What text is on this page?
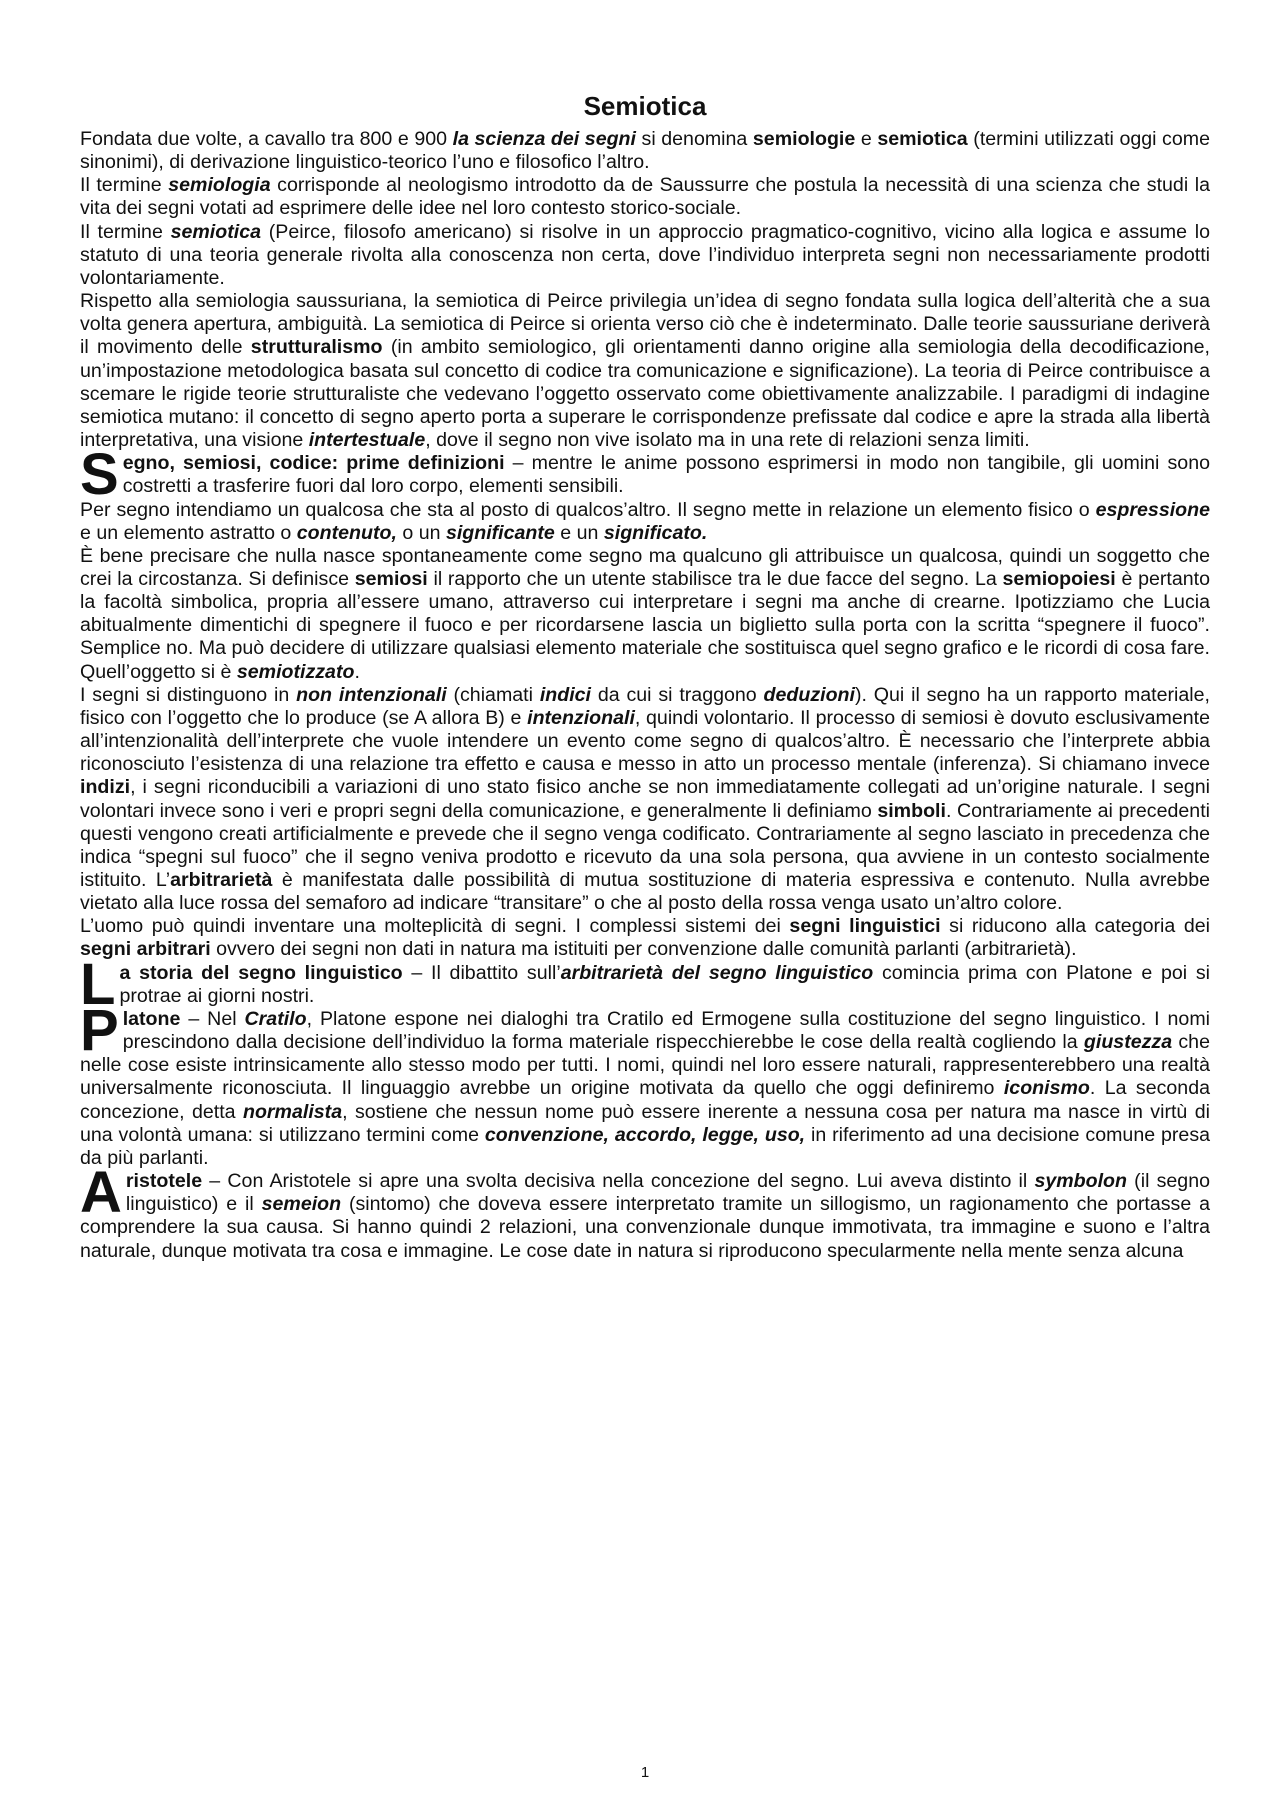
Semiotica

Fondata due volte, a cavallo tra 800 e 900 la scienza dei segni si denomina semiologie e semiotica (termini utilizzati oggi come sinonimi), di derivazione linguistico-teorico l’uno e filosofico l’altro.

Il termine semiologia corrisponde al neologismo introdotto da de Saussurre che postula la necessità di una scienza che studi la vita dei segni votati ad esprimere delle idee nel loro contesto storico-sociale.

Il termine semiotica (Peirce, filosofo americano) si risolve in un approccio pragmatico-cognitivo, vicino alla logica e assume lo statuto di una teoria generale rivolta alla conoscenza non certa, dove l’individuo interpreta segni non necessariamente prodotti volontariamente.

Rispetto alla semiologia saussuriana, la semiotica di Peirce privilegia un’idea di segno fondata sulla logica dell’alterità che a sua volta genera apertura, ambiguità. La semiotica di Peirce si orienta verso ciò che è indeterminato. Dalle teorie saussuriane deriverà il movimento delle strutturalismo (in ambito semiologico, gli orientamenti danno origine alla semiologia della decodificazione, un’impostazione metodologica basata sul concetto di codice tra comunicazione e significazione). La teoria di Peirce contribuisce a scemare le rigide teorie strutturaliste che vedevano l’oggetto osservato come obiettivamente analizzabile. I paradigmi di indagine semiotica mutano: il concetto di segno aperto porta a superare le corrispondenze prefissate dal codice e apre la strada alla libertà interpretativa, una visione intertestuale, dove il segno non vive isolato ma in una rete di relazioni senza limiti.

Segno, semiosi, codice: prime definizioni – mentre le anime possono esprimersi in modo non tangibile, gli uomini sono costretti a trasferire fuori dal loro corpo, elementi sensibili.

Per segno intendiamo un qualcosa che sta al posto di qualcos’altro. Il segno mette in relazione un elemento fisico o espressione e un elemento astratto o contenuto, o un significante e un significato.

È bene precisare che nulla nasce spontaneamente come segno ma qualcuno gli attribuisce un qualcosa, quindi un soggetto che crei la circostanza. Si definisce semiosi il rapporto che un utente stabilisce tra le due facce del segno. La semiopoiesi è pertanto la facoltà simbolica, propria all’essere umano, attraverso cui interpretare i segni ma anche di crearne. Ipotizziamo che Lucia abitualmente dimentichi di spegnere il fuoco e per ricordarsene lascia un biglietto sulla porta con la scritta “spegnere il fuoco”. Semplice no. Ma può decidere di utilizzare qualsiasi elemento materiale che sostituisca quel segno grafico e le ricordi di cosa fare. Quell’oggetto si è semiotizzato.

I segni si distinguono in non intenzionali (chiamati indici da cui si traggono deduzioni). Qui il segno ha un rapporto materiale, fisico con l’oggetto che lo produce (se A allora B) e intenzionali, quindi volontario. Il processo di semiosi è dovuto esclusivamente all’intenzionalità dell’interprete che vuole intendere un evento come segno di qualcos’altro. È necessario che l’interprete abbia riconosciuto l’esistenza di una relazione tra effetto e causa e messo in atto un processo mentale (inferenza). Si chiamano invece indizi, i segni riconducibili a variazioni di uno stato fisico anche se non immediatamente collegati ad un’origine naturale. I segni volontari invece sono i veri e propri segni della comunicazione, e generalmente li definiamo simboli. Contrariamente ai precedenti questi vengono creati artificialmente e prevede che il segno venga codificato. Contrariamente al segno lasciato in precedenza che indica “spegni sul fuoco” che il segno veniva prodotto e ricevuto da una sola persona, qua avviene in un contesto socialmente istituito. L’arbitrarietà è manifestata dalle possibilità di mutua sostituzione di materia espressiva e contenuto. Nulla avrebbe vietato alla luce rossa del semaforo ad indicare “transitare” o che al posto della rossa venga usato un’altro colore.

L’uomo può quindi inventare una molteplicità di segni. I complessi sistemi dei segni linguistici si riducono alla categoria dei segni arbitrari ovvero dei segni non dati in natura ma istituiti per convenzione dalle comunità parlanti (arbitrarietà).

La storia del segno linguistico – Il dibattito sull’arbitrarietà del segno linguistico comincia prima con Platone e poi si protrae ai giorni nostri.

Platone – Nel Cratilo, Platone espone nei dialoghi tra Cratilo ed Ermogene sulla costituzione del segno linguistico. I nomi prescindono dalla decisione dell’individuo la forma materiale rispecchierebbe le cose della realtà cogliendo la giustezza che nelle cose esiste intrinsicamente allo stesso modo per tutti. I nomi, quindi nel loro essere naturali, rappresenterebbero una realtà universalmente riconosciuta. Il linguaggio avrebbe un origine motivata da quello che oggi definiremo iconismo. La seconda concezione, detta normalista, sostiene che nessun nome può essere inerente a nessuna cosa per natura ma nasce in virtù di una volontà umana: si utilizzano termini come convenzione, accordo, legge, uso, in riferimento ad una decisione comune presa da più parlanti.

Aristotele – Con Aristotele si apre una svolta decisiva nella concezione del segno. Lui aveva distinto il symbolon (il segno linguistico) e il semeion (sintomo) che doveva essere interpretato tramite un sillogismo, un ragionamento che portasse a comprendere la sua causa. Si hanno quindi 2 relazioni, una convenzionale dunque immotivata, tra immagine e suono e l’altra naturale, dunque motivata tra cosa e immagine. Le cose date in natura si riproducono specularmente nella mente senza alcuna

1
